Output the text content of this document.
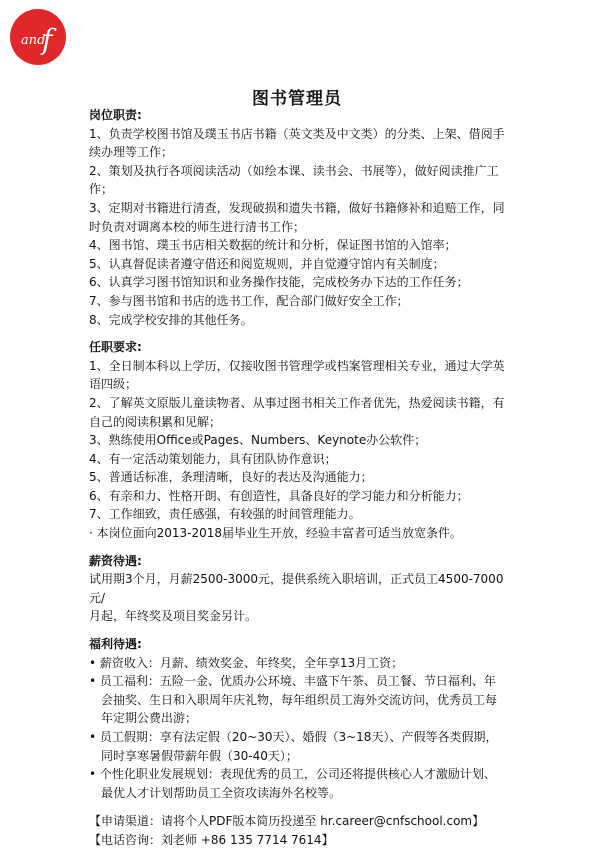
and
f
图书管理员
岗位职责:
1、负责学校图书馆及璞玉书店书籍（英文类及中文类）的分类、上架、借阅手
续办理等工作；
2、策划及执行各项阅读活动（如绘本课、读书会、书展等），做好阅读推广工
作；
3、定期对书籍进行清查，发现破损和遗失书籍，做好书籍修补和追赔工作，同
时负责对调离本校的师生进行清书工作；
4、图书馆、璞玉书店相关数据的统计和分析，保证图书馆的入馆率；
5、认真督促读者遵守借还和阅览规则，并自觉遵守馆内有关制度；
6、认真学习图书馆知识和业务操作技能，完成校务办下达的工作任务；
7、参与图书馆和书店的选书工作，配合部门做好安全工作；
8、完成学校安排的其他任务。
任职要求:
1、全日制本科以上学历，仅接收图书管理学或档案管理相关专业，通过大学英
语四级；
2、了解英文原版儿童读物者、从事过图书相关工作者优先，热爱阅读书籍，有
自己的阅读积累和见解；
3、熟练使用Office或Pages、Numbers、Keynote办公软件；
4、有一定活动策划能力，具有团队协作意识；
5、普通话标准，条理清晰，良好的表达及沟通能力；
6、有亲和力、性格开朗、有创造性，具备良好的学习能力和分析能力；
7、工作细致，责任感强，有较强的时间管理能力。
· 本岗位面向2013-2018届毕业生开放，经验丰富者可适当放宽条件。
薪资待遇:
试用期3个月，月薪2500-3000元，提供系统入职培训，正式员工4500-7000元/
月起，年终奖及项目奖金另计。
福利待遇:
• 薪资收入：月薪、绩效奖金、年终奖，全年享13月工资；
• 员工福利：五险一金、优质办公环境、丰盛下午茶、员工餐、节日福利、年
会抽奖、生日和入职周年庆礼物，每年组织员工海外交流访问，优秀员工每
年定期公费出游；
• 员工假期：享有法定假（20~30天）、婚假（3~18天）、产假等各类假期，
同时享寒暑假带薪年假（30-40天）；
• 个性化职业发展规划：表现优秀的员工，公司还将提供核心人才激励计划、
最优人才计划帮助员工全资攻读海外名校等。
【申请渠道：请将个人PDF版本简历投递至 hr.career@cnfschool.com】
【电话咨询：刘老师 +86 135 7714 7614】
